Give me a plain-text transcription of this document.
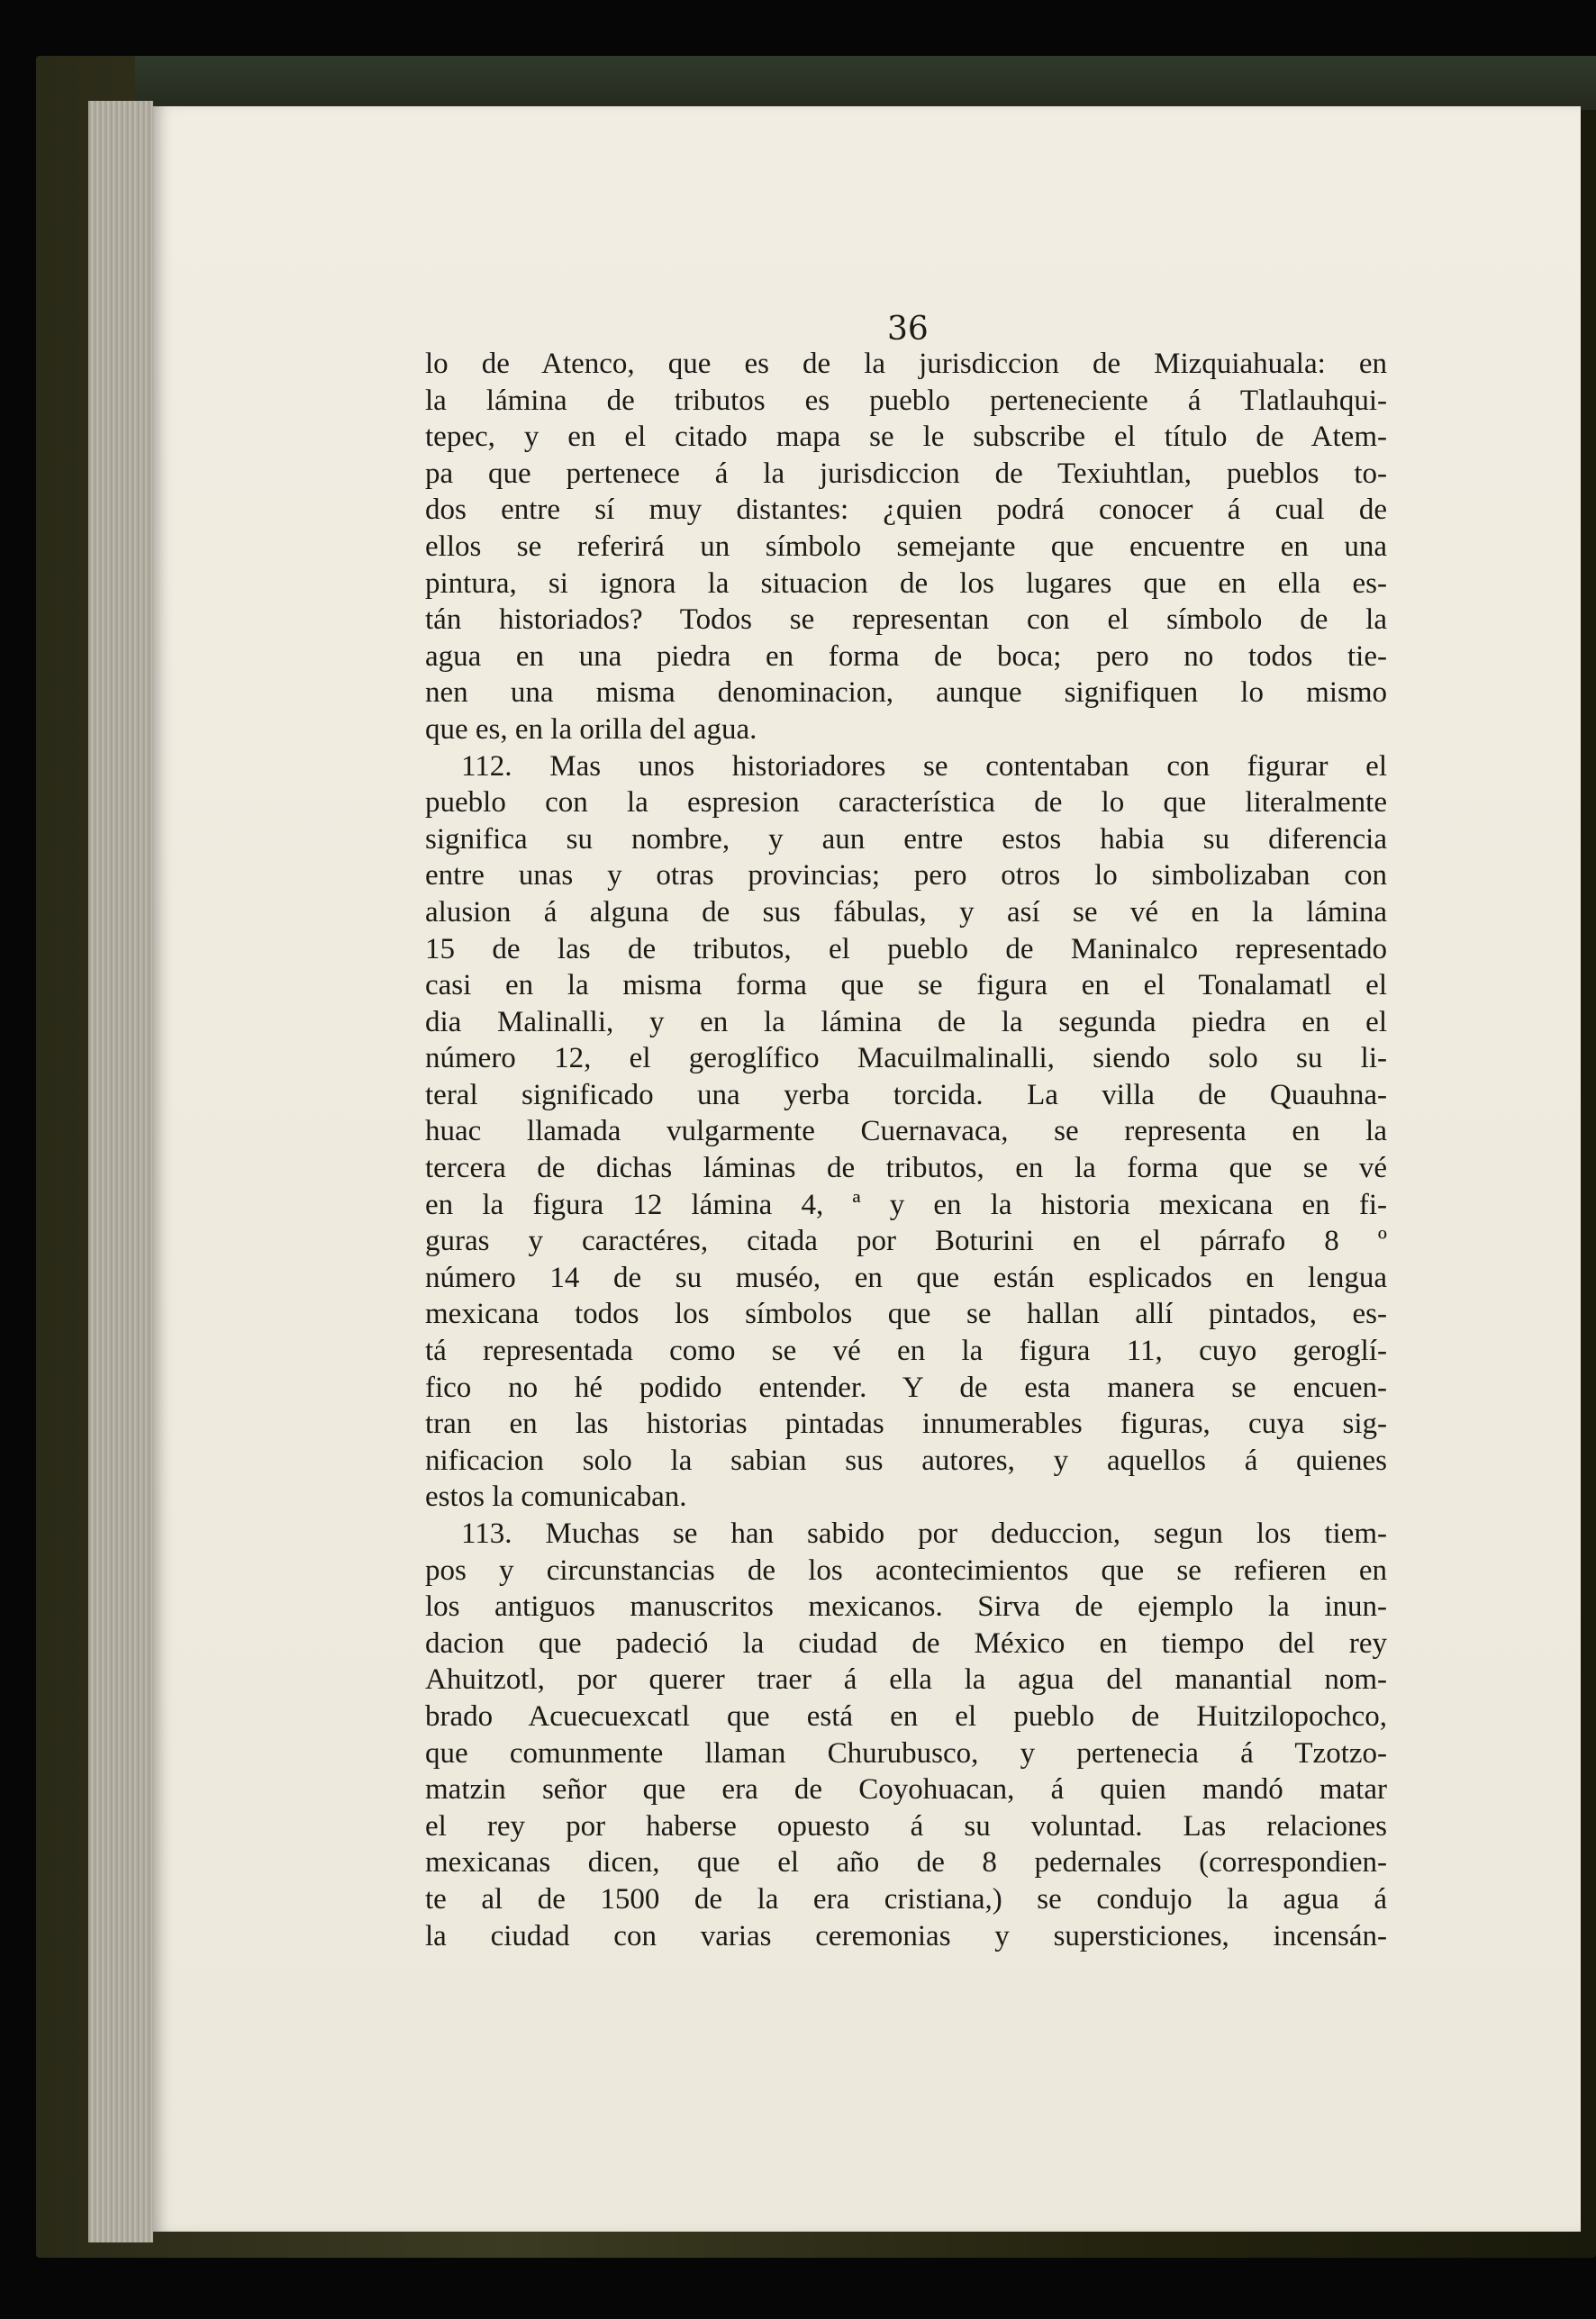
36
lo de Atenco, que es de la jurisdiccion de Mizquiahuala: en
la lámina de tributos es pueblo perteneciente á Tlatlauhqui-
tepec, y en el citado mapa se le subscribe el título de Atem-
pa que pertenece á la jurisdiccion de Texiuhtlan, pueblos to-
dos entre sí muy distantes: ¿quien podrá conocer á cual de
ellos se referirá un símbolo semejante que encuentre en una
pintura, si ignora la situacion de los lugares que en ella es-
tán historiados? Todos se representan con el símbolo de la
agua en una piedra en forma de boca; pero no todos tie-
nen una misma denominacion, aunque signifiquen lo mismo
que es, en la orilla del agua.
112. Mas unos historiadores se contentaban con figurar el
pueblo con la espresion característica de lo que literalmente
significa su nombre, y aun entre estos habia su diferencia
entre unas y otras provincias; pero otros lo simbolizaban con
alusion á alguna de sus fábulas, y así se vé en la lámina
15 de las de tributos, el pueblo de Maninalco representado
casi en la misma forma que se figura en el Tonalamatl el
dia Malinalli, y en la lámina de la segunda piedra en el
número 12, el geroglífico Macuilmalinalli, siendo solo su li-
teral significado una yerba torcida. La villa de Quauhna-
huac llamada vulgarmente Cuernavaca, se representa en la
tercera de dichas láminas de tributos, en la forma que se vé
en la figura 12 lámina 4, ª y en la historia mexicana en fi-
guras y caractéres, citada por Boturini en el párrafo 8 º
número 14 de su muséo, en que están esplicados en lengua
mexicana todos los símbolos que se hallan allí pintados, es-
tá representada como se vé en la figura 11, cuyo geroglí-
fico no hé podido entender. Y de esta manera se encuen-
tran en las historias pintadas innumerables figuras, cuya sig-
nificacion solo la sabian sus autores, y aquellos á quienes
estos la comunicaban.
113. Muchas se han sabido por deduccion, segun los tiem-
pos y circunstancias de los acontecimientos que se refieren en
los antiguos manuscritos mexicanos. Sirva de ejemplo la inun-
dacion que padeció la ciudad de México en tiempo del rey
Ahuitzotl, por querer traer á ella la agua del manantial nom-
brado Acuecuexcatl que está en el pueblo de Huitzilopochco,
que comunmente llaman Churubusco, y pertenecia á Tzotzo-
matzin señor que era de Coyohuacan, á quien mandó matar
el rey por haberse opuesto á su voluntad. Las relaciones
mexicanas dicen, que el año de 8 pedernales (correspondien-
te al de 1500 de la era cristiana,) se condujo la agua á
la ciudad con varias ceremonias y supersticiones, incensán-
